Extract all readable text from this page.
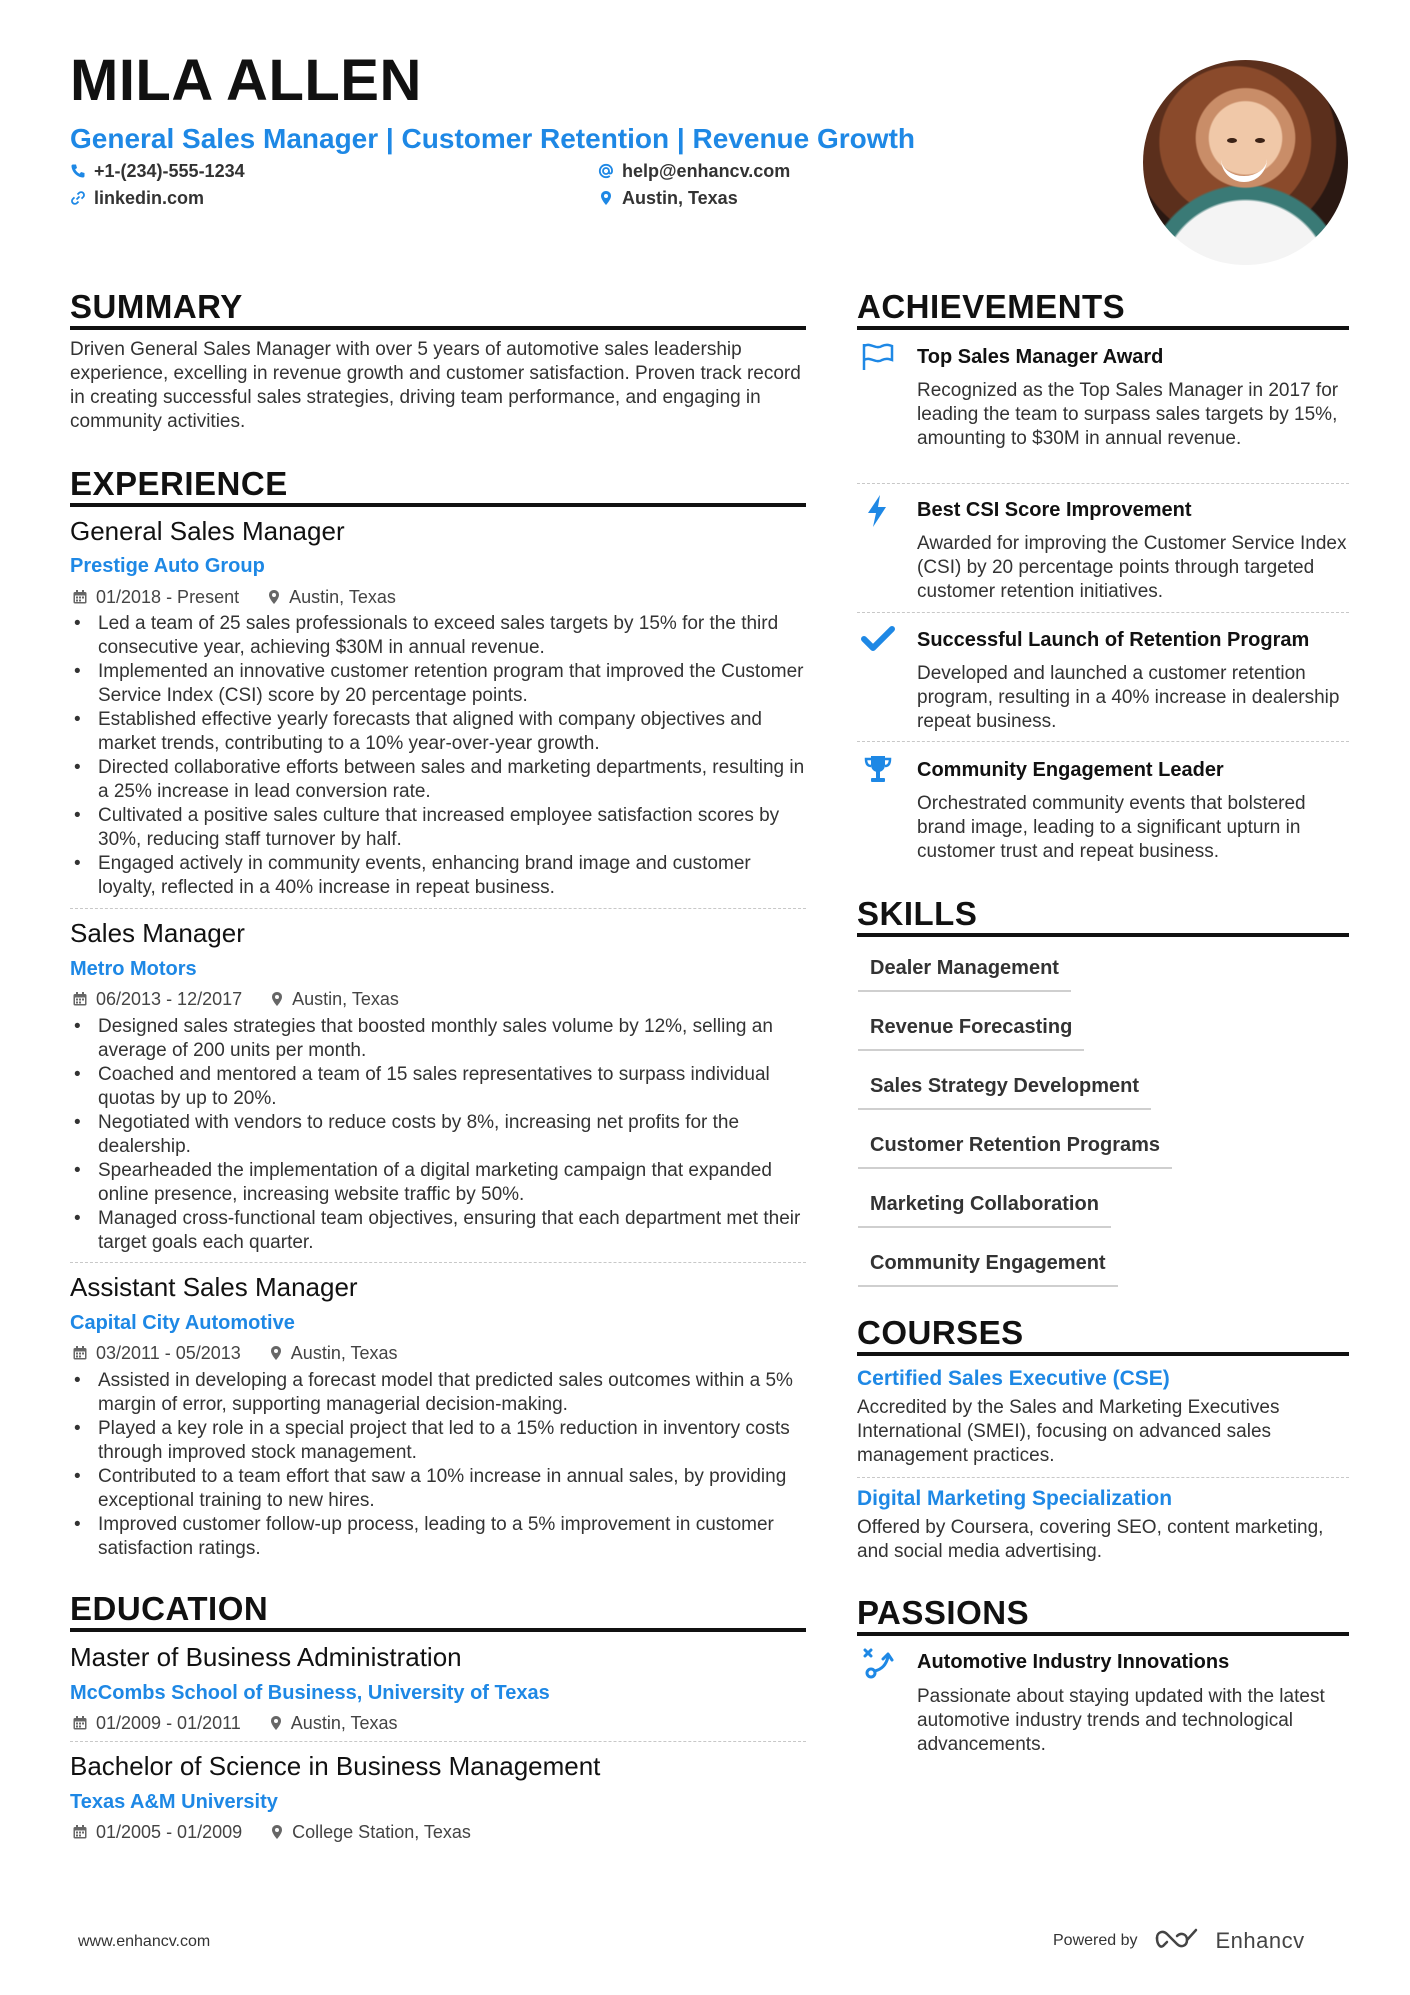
MILA ALLEN
General Sales Manager | Customer Retention | Revenue Growth
+1-(234)-555-1234	help@enhancv.com
linkedin.com	Austin, Texas
SUMMARY
Driven General Sales Manager with over 5 years of automotive sales leadership experience, excelling in revenue growth and customer satisfaction. Proven track record in creating successful sales strategies, driving team performance, and engaging in community activities.
EXPERIENCE
General Sales Manager
Prestige Auto Group
01/2018 - Present	Austin, Texas
• Led a team of 25 sales professionals to exceed sales targets by 15% for the third consecutive year, achieving $30M in annual revenue.
• Implemented an innovative customer retention program that improved the Customer Service Index (CSI) score by 20 percentage points.
• Established effective yearly forecasts that aligned with company objectives and market trends, contributing to a 10% year-over-year growth.
• Directed collaborative efforts between sales and marketing departments, resulting in a 25% increase in lead conversion rate.
• Cultivated a positive sales culture that increased employee satisfaction scores by 30%, reducing staff turnover by half.
• Engaged actively in community events, enhancing brand image and customer loyalty, reflected in a 40% increase in repeat business.
Sales Manager
Metro Motors
06/2013 - 12/2017	Austin, Texas
• Designed sales strategies that boosted monthly sales volume by 12%, selling an average of 200 units per month.
• Coached and mentored a team of 15 sales representatives to surpass individual quotas by up to 20%.
• Negotiated with vendors to reduce costs by 8%, increasing net profits for the dealership.
• Spearheaded the implementation of a digital marketing campaign that expanded online presence, increasing website traffic by 50%.
• Managed cross-functional team objectives, ensuring that each department met their target goals each quarter.
Assistant Sales Manager
Capital City Automotive
03/2011 - 05/2013	Austin, Texas
• Assisted in developing a forecast model that predicted sales outcomes within a 5% margin of error, supporting managerial decision-making.
• Played a key role in a special project that led to a 15% reduction in inventory costs through improved stock management.
• Contributed to a team effort that saw a 10% increase in annual sales, by providing exceptional training to new hires.
• Improved customer follow-up process, leading to a 5% improvement in customer satisfaction ratings.
EDUCATION
Master of Business Administration
McCombs School of Business, University of Texas
01/2009 - 01/2011	Austin, Texas
Bachelor of Science in Business Management
Texas A&M University
01/2005 - 01/2009	College Station, Texas
ACHIEVEMENTS
Top Sales Manager Award
Recognized as the Top Sales Manager in 2017 for leading the team to surpass sales targets by 15%, amounting to $30M in annual revenue.
Best CSI Score Improvement
Awarded for improving the Customer Service Index (CSI) by 20 percentage points through targeted customer retention initiatives.
Successful Launch of Retention Program
Developed and launched a customer retention program, resulting in a 40% increase in dealership repeat business.
Community Engagement Leader
Orchestrated community events that bolstered brand image, leading to a significant upturn in customer trust and repeat business.
SKILLS
Dealer Management
Revenue Forecasting
Sales Strategy Development
Customer Retention Programs
Marketing Collaboration
Community Engagement
COURSES
Certified Sales Executive (CSE)
Accredited by the Sales and Marketing Executives International (SMEI), focusing on advanced sales management practices.
Digital Marketing Specialization
Offered by Coursera, covering SEO, content marketing, and social media advertising.
PASSIONS
Automotive Industry Innovations
Passionate about staying updated with the latest automotive industry trends and technological advancements.
www.enhancv.com	Powered by	Enhancv
